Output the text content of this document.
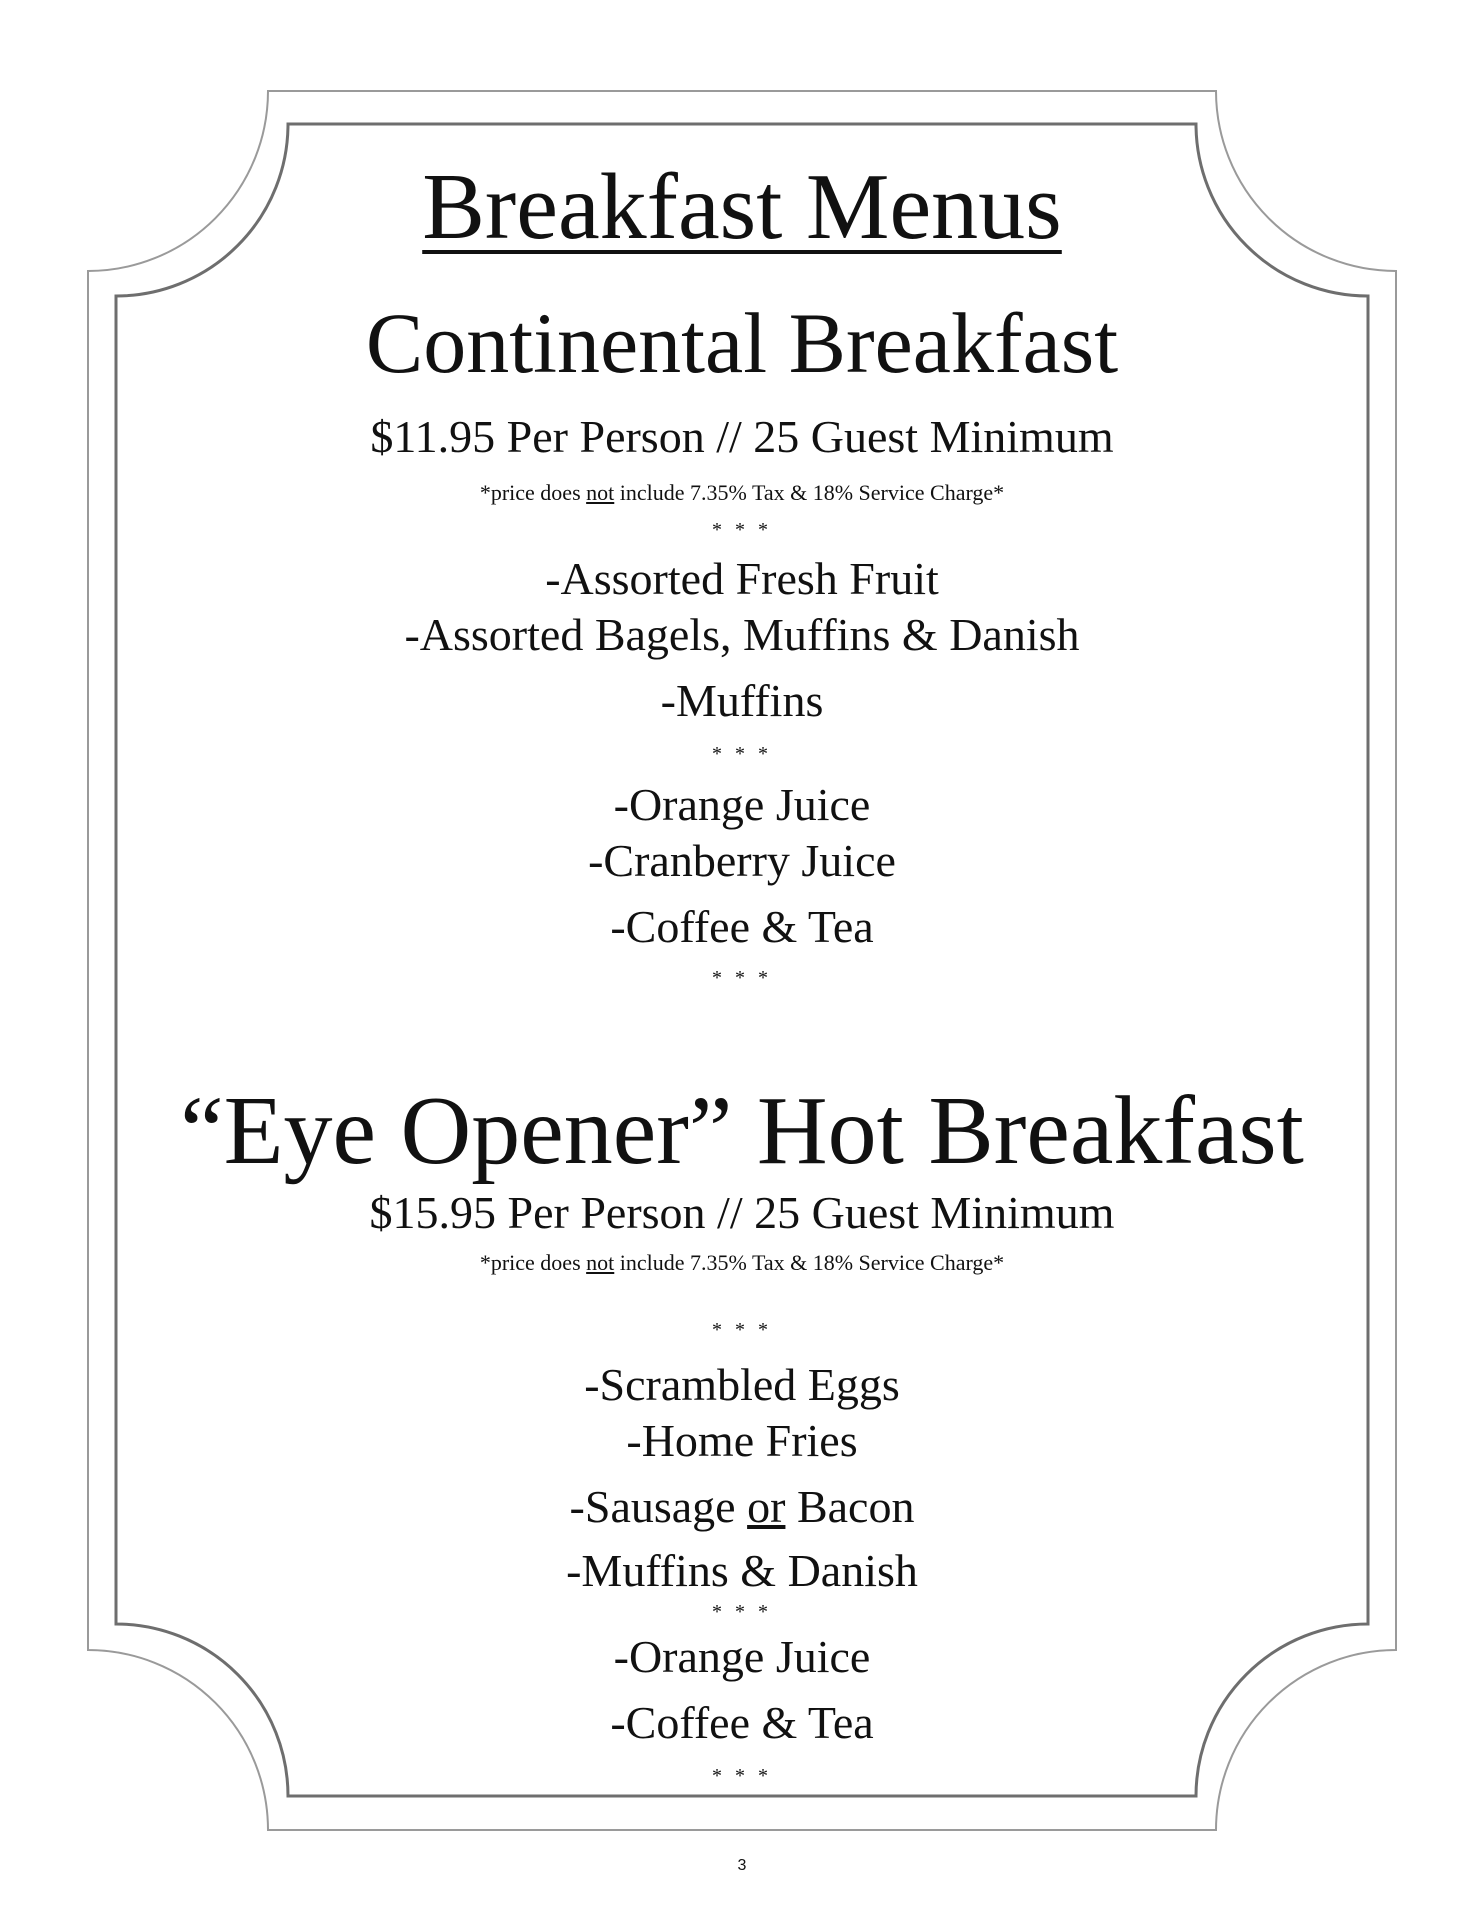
Breakfast Menus
Continental Breakfast
$11.95 Per Person // 25 Guest Minimum
*price does not include 7.35% Tax & 18% Service Charge*
* * *
-Assorted Fresh Fruit
-Assorted Bagels, Muffins & Danish
-Muffins
* * *
-Orange Juice
-Cranberry Juice
-Coffee & Tea
* * *
“Eye Opener” Hot Breakfast
$15.95 Per Person // 25 Guest Minimum
*price does not include 7.35% Tax & 18% Service Charge*
* * *
-Scrambled Eggs
-Home Fries
-Sausage or Bacon
-Muffins & Danish
* * *
-Orange Juice
-Coffee & Tea
* * *
3
